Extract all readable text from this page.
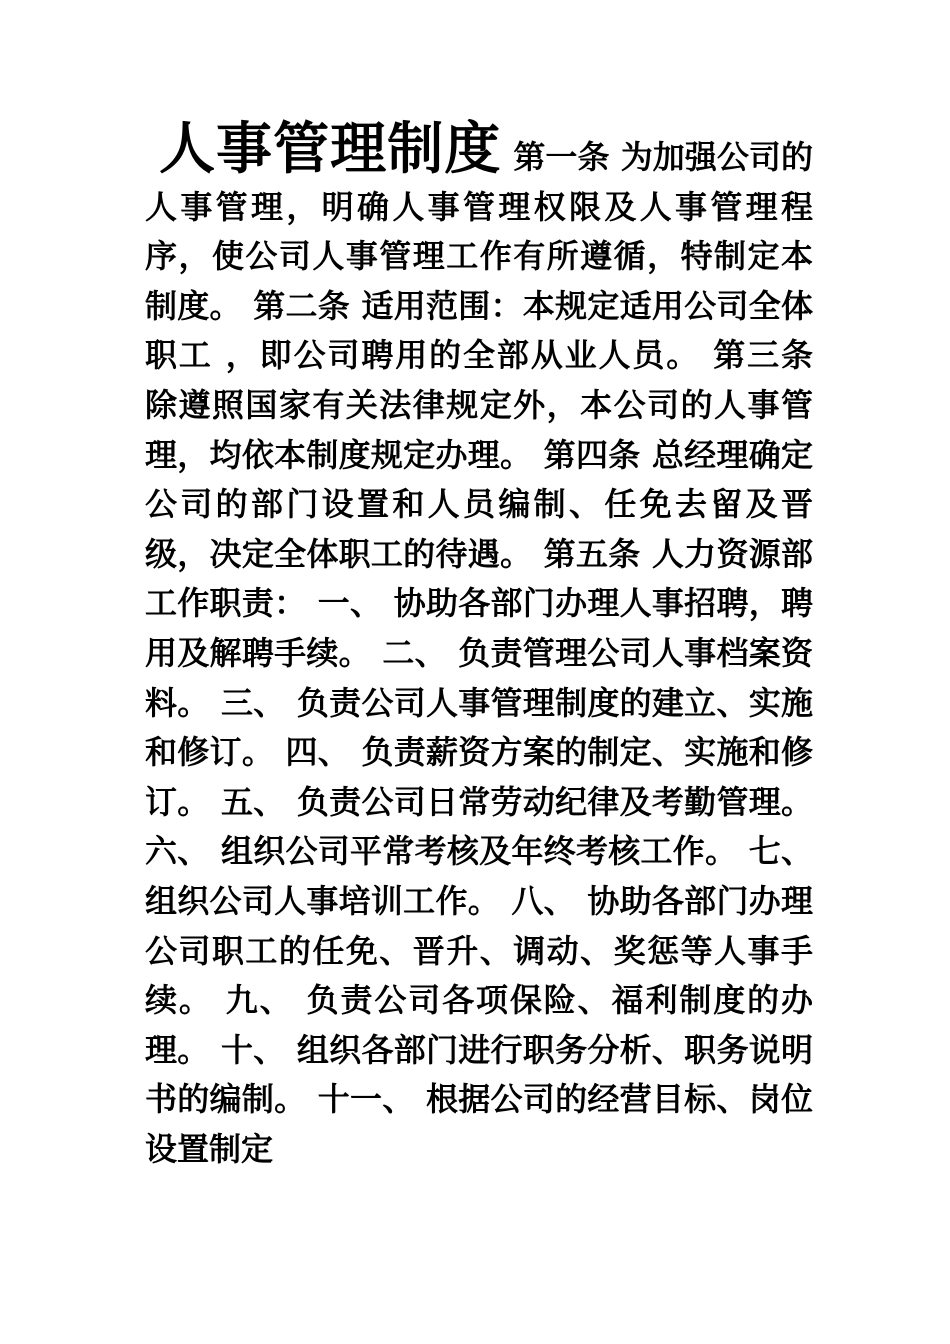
人事管理制度 第一条 为加强公司的人事管理，明确人事管理权限及人事管理程序，使公司人事管理工作有所遵循，特制定本制度。 第二条 适用范围：本规定适用公司全体职工 ，即公司聘用的全部从业人员。 第三条 除遵照国家有关法律规定外，本公司的人事管理，均依本制度规定办理。 第四条 总经理确定公司的部门设置和人员编制、任免去留及晋级，决定全体职工的待遇。 第五条 人力资源部工作职责： 一、 协助各部门办理人事招聘，聘用及解聘手续。 二、 负责管理公司人事档案资料。 三、 负责公司人事管理制度的建立、实施和修订。 四、 负责薪资方案的制定、实施和修订。 五、 负责公司日常劳动纪律及考勤管理。 六、 组织公司平常考核及年终考核工作。 七、 组织公司人事培训工作。 八、 协助各部门办理公司职工的任免、晋升、调动、奖惩等人事手续。 九、 负责公司各项保险、福利制度的办理。 十、 组织各部门进行职务分析、职务说明书的编制。 十一、 根据公司的经营目标、岗位设置制定
